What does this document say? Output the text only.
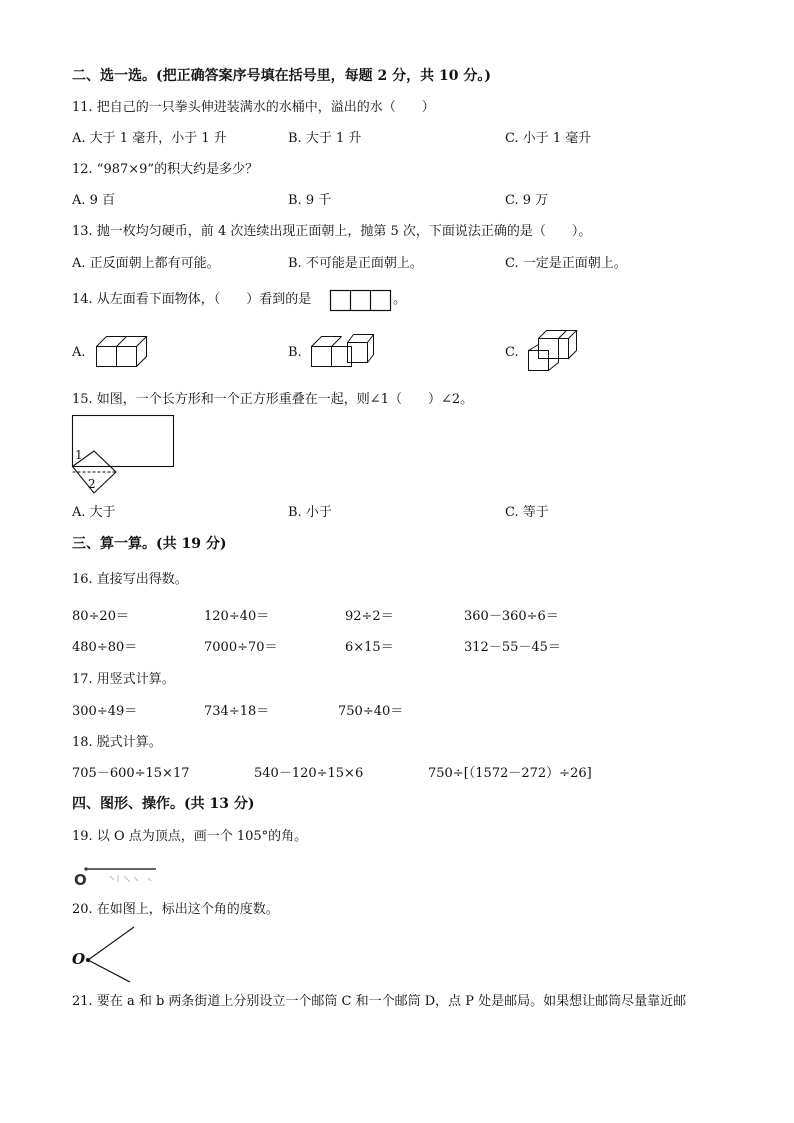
二、选一选。(把正确答案序号填在括号里，每题 2 分，共 10 分。)
11. 把自己的一只拳头伸进装满水的水桶中，溢出的水（　　）
A. 大于 1 毫升，小于 1 升	B. 大于 1 升	C. 小于 1 毫升
12. “987×9”的积大约是多少？
A. 9 百	B. 9 千	C. 9 万
13. 抛一枚均匀硬币，前 4 次连续出现正面朝上，抛第 5 次，下面说法正确的是（　　）。
A. 正反面朝上都有可能。	B. 不可能是正面朝上。	C. 一定是正面朝上。
14. 从左面看下面物体，（　　）看到的是	。
A.	B.	C.
15. 如图，一个长方形和一个正方形重叠在一起，则∠1（　　）∠2。
1
2
A. 大于	B. 小于	C. 等于
三、算一算。(共 19 分)
16. 直接写出得数。
80÷20＝	120÷40＝	92÷2＝	360－360÷6＝
480÷80＝	7000÷70＝	6×15＝	312－55－45＝
17. 用竖式计算。
300÷49＝	734÷18＝	750÷40＝
18. 脱式计算。
705－600÷15×17	540－120÷15×6	750÷[（1572－272）÷26]
四、图形、操作。(共 13 分)
19. 以 O 点为顶点，画一个 105°的角。
O
20. 在如图上，标出这个角的度数。
O
21. 要在 a 和 b 两条街道上分别设立一个邮筒 C 和一个邮筒 D，点 P 处是邮局。如果想让邮筒尽量靠近邮
